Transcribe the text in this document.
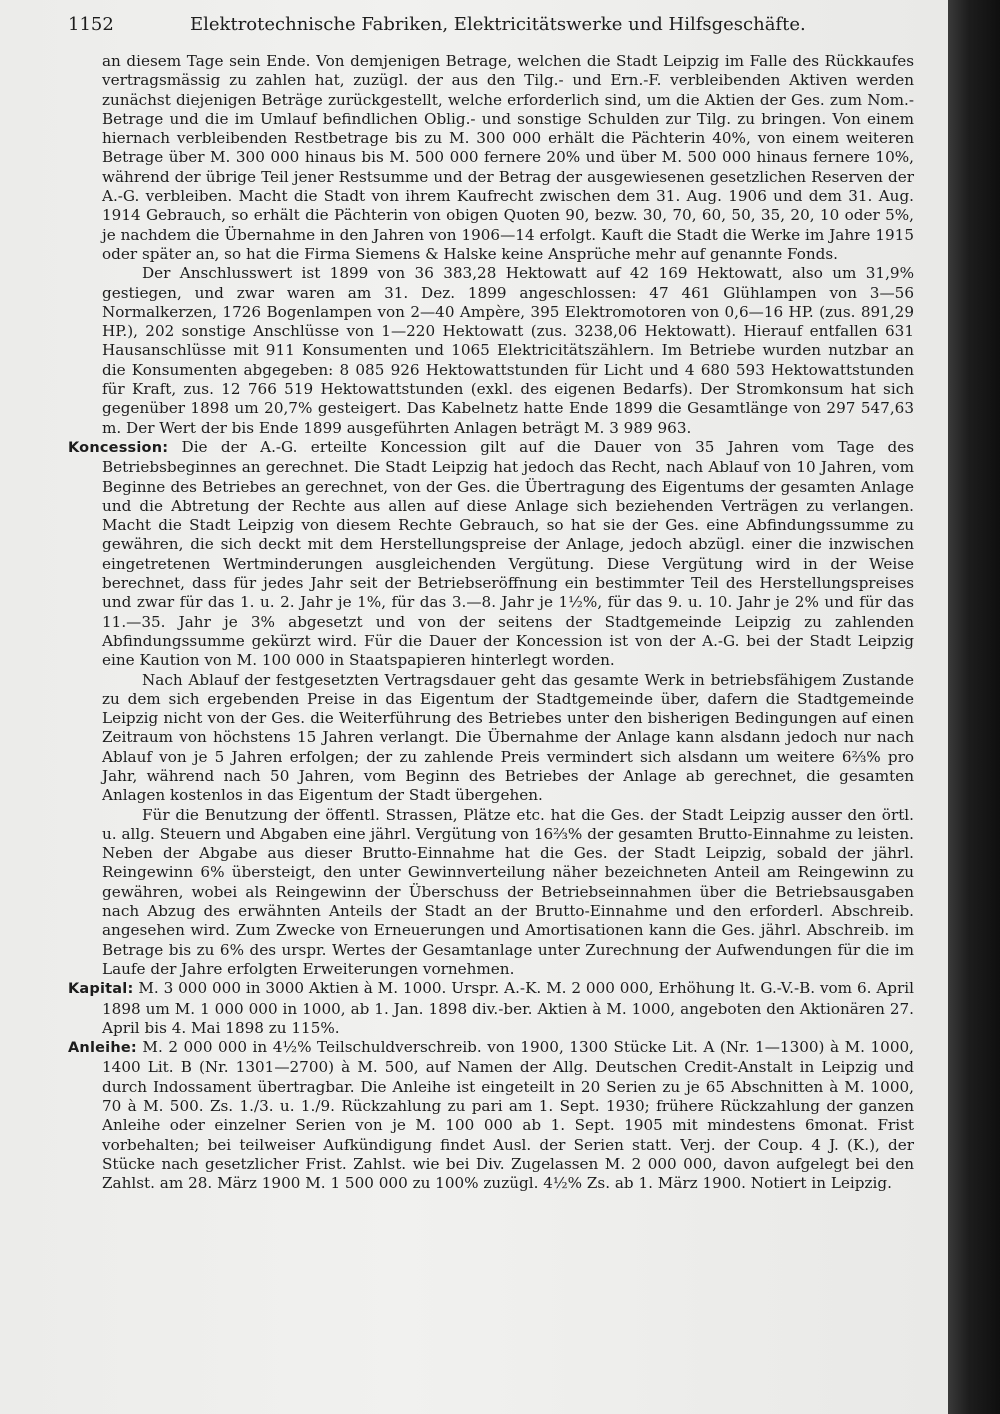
1152	Elektrotechnische Fabriken, Elektricitätswerke und Hilfsgeschäfte.

an diesem Tage sein Ende. Von demjenigen Betrage, welchen die Stadt Leipzig im Falle des Rückkaufes vertragsmässig zu zahlen hat, zuzügl. der aus den Tilg.- und Ern.-F. verbleibenden Aktiven werden zunächst diejenigen Beträge zurückgestellt, welche erforderlich sind, um die Aktien der Ges. zum Nom.-Betrage und die im Umlauf befindlichen Oblig.- und sonstige Schulden zur Tilg. zu bringen. Von einem hiernach verbleibenden Restbetrage bis zu M. 300 000 erhält die Pächterin 40%, von einem weiteren Betrage über M. 300 000 hinaus bis M. 500 000 fernere 20% und über M. 500 000 hinaus fernere 10%, während der übrige Teil jener Restsumme und der Betrag der ausgewiesenen gesetzlichen Reserven der A.-G. verbleiben. Macht die Stadt von ihrem Kaufrecht zwischen dem 31. Aug. 1906 und dem 31. Aug. 1914 Gebrauch, so erhält die Pächterin von obigen Quoten 90, bezw. 30, 70, 60, 50, 35, 20, 10 oder 5%, je nachdem die Übernahme in den Jahren von 1906—14 erfolgt. Kauft die Stadt die Werke im Jahre 1915 oder später an, so hat die Firma Siemens & Halske keine Ansprüche mehr auf genannte Fonds.

Der Anschlusswert ist 1899 von 36 383,28 Hektowatt auf 42 169 Hektowatt, also um 31,9% gestiegen, und zwar waren am 31. Dez. 1899 angeschlossen: 47 461 Glühlampen von 3—56 Normalkerzen, 1726 Bogenlampen von 2—40 Ampère, 395 Elektromotoren von 0,6—16 HP. (zus. 891,29 HP.), 202 sonstige Anschlüsse von 1—220 Hektowatt (zus. 3238,06 Hektowatt). Hierauf entfallen 631 Hausanschlüsse mit 911 Konsumenten und 1065 Elektricitätszählern. Im Betriebe wurden nutzbar an die Konsumenten abgegeben: 8 085 926 Hektowattstunden für Licht und 4 680 593 Hektowattstunden für Kraft, zus. 12 766 519 Hektowattstunden (exkl. des eigenen Bedarfs). Der Stromkonsum hat sich gegenüber 1898 um 20,7% gesteigert. Das Kabelnetz hatte Ende 1899 die Gesamtlänge von 297 547,63 m. Der Wert der bis Ende 1899 ausgeführten Anlagen beträgt M. 3 989 963.

Koncession: Die der A.-G. erteilte Koncession gilt auf die Dauer von 35 Jahren vom Tage des Betriebsbeginnes an gerechnet. Die Stadt Leipzig hat jedoch das Recht, nach Ablauf von 10 Jahren, vom Beginne des Betriebes an gerechnet, von der Ges. die Übertragung des Eigentums der gesamten Anlage und die Abtretung der Rechte aus allen auf diese Anlage sich beziehenden Verträgen zu verlangen. Macht die Stadt Leipzig von diesem Rechte Gebrauch, so hat sie der Ges. eine Abfindungssumme zu gewähren, die sich deckt mit dem Herstellungspreise der Anlage, jedoch abzügl. einer die inzwischen eingetretenen Wertminderungen ausgleichenden Vergütung. Diese Vergütung wird in der Weise berechnet, dass für jedes Jahr seit der Betriebseröffnung ein bestimmter Teil des Herstellungspreises und zwar für das 1. u. 2. Jahr je 1%, für das 3.—8. Jahr je 1½%, für das 9. u. 10. Jahr je 2% und für das 11.—35. Jahr je 3% abgesetzt und von der seitens der Stadtgemeinde Leipzig zu zahlenden Abfindungssumme gekürzt wird. Für die Dauer der Koncession ist von der A.-G. bei der Stadt Leipzig eine Kaution von M. 100 000 in Staatspapieren hinterlegt worden.

Nach Ablauf der festgesetzten Vertragsdauer geht das gesamte Werk in betriebsfähigem Zustande zu dem sich ergebenden Preise in das Eigentum der Stadtgemeinde über, dafern die Stadtgemeinde Leipzig nicht von der Ges. die Weiterführung des Betriebes unter den bisherigen Bedingungen auf einen Zeitraum von höchstens 15 Jahren verlangt. Die Übernahme der Anlage kann alsdann jedoch nur nach Ablauf von je 5 Jahren erfolgen; der zu zahlende Preis vermindert sich alsdann um weitere 6⅔% pro Jahr, während nach 50 Jahren, vom Beginn des Betriebes der Anlage ab gerechnet, die gesamten Anlagen kostenlos in das Eigentum der Stadt übergehen.

Für die Benutzung der öffentl. Strassen, Plätze etc. hat die Ges. der Stadt Leipzig ausser den örtl. u. allg. Steuern und Abgaben eine jährl. Vergütung von 16⅔% der gesamten Brutto-Einnahme zu leisten. Neben der Abgabe aus dieser Brutto-Einnahme hat die Ges. der Stadt Leipzig, sobald der jährl. Reingewinn 6% übersteigt, den unter Gewinnverteilung näher bezeichneten Anteil am Reingewinn zu gewähren, wobei als Reingewinn der Überschuss der Betriebseinnahmen über die Betriebsausgaben nach Abzug des erwähnten Anteils der Stadt an der Brutto-Einnahme und den erforderl. Abschreib. angesehen wird. Zum Zwecke von Erneuerungen und Amortisationen kann die Ges. jährl. Abschreib. im Betrage bis zu 6% des urspr. Wertes der Gesamtanlage unter Zurechnung der Aufwendungen für die im Laufe der Jahre erfolgten Erweiterungen vornehmen.

Kapital: M. 3 000 000 in 3000 Aktien à M. 1000. Urspr. A.-K. M. 2 000 000, Erhöhung lt. G.-V.-B. vom 6. April 1898 um M. 1 000 000 in 1000, ab 1. Jan. 1898 div.-ber. Aktien à M. 1000, angeboten den Aktionären 27. April bis 4. Mai 1898 zu 115%.

Anleihe: M. 2 000 000 in 4½% Teilschuldverschreib. von 1900, 1300 Stücke Lit. A (Nr. 1—1300) à M. 1000, 1400 Lit. B (Nr. 1301—2700) à M. 500, auf Namen der Allg. Deutschen Credit-Anstalt in Leipzig und durch Indossament übertragbar. Die Anleihe ist eingeteilt in 20 Serien zu je 65 Abschnitten à M. 1000, 70 à M. 500. Zs. 1./3. u. 1./9. Rückzahlung zu pari am 1. Sept. 1930; frühere Rückzahlung der ganzen Anleihe oder einzelner Serien von je M. 100 000 ab 1. Sept. 1905 mit mindestens 6monat. Frist vorbehalten; bei teilweiser Aufkündigung findet Ausl. der Serien statt. Verj. der Coup. 4 J. (K.), der Stücke nach gesetzlicher Frist. Zahlst. wie bei Div. Zugelassen M. 2 000 000, davon aufgelegt bei den Zahlst. am 28. März 1900 M. 1 500 000 zu 100% zuzügl. 4½% Zs. ab 1. März 1900. Notiert in Leipzig.
